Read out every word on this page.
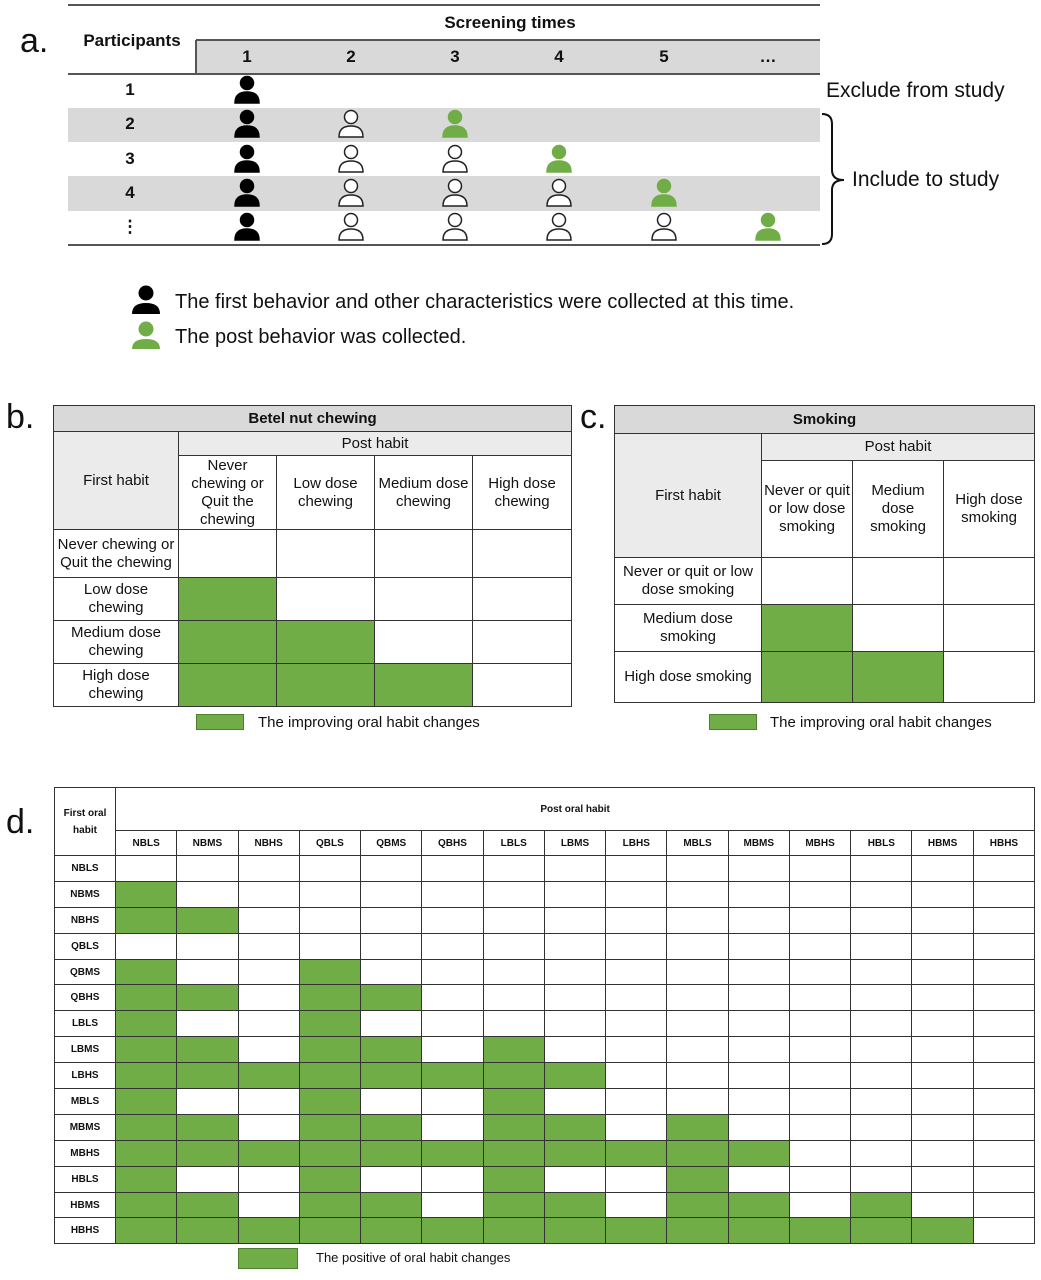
a.	Screening times
Participants
1	2	3	4	5	…
1
2
3
4
⋮
Exclude from study
Include to study
The first behavior and other characteristics were collected at this time.
The post behavior was collected.
b.	Betel nut chewing				
First habit	Post habit			
	Never chewing or Quit the chewing	Low dose chewing	Medium dose chewing	High dose chewing
Never chewing or Quit the chewing				
Low dose chewing				
Medium dose chewing				
High dose chewing				
The improving oral habit changes
c.	Smoking			
First habit	Post habit		
	Never or quit or low dose smoking	Medium dose smoking	High dose smoking
Never or quit or low dose smoking			
Medium dose smoking			
High dose smoking			
The improving oral habit changes
d.	First oral habit	Post oral habit														
	NBLS	NBMS	NBHS	QBLS	QBMS	QBHS	LBLS	LBMS	LBHS	MBLS	MBMS	MBHS	HBLS	HBMS	HBHS
NBLS															
NBMS															
NBHS															
QBLS															
QBMS															
QBHS															
LBLS															
LBMS															
LBHS															
MBLS															
MBMS															
MBHS															
HBLS															
HBMS															
HBHS															
The positive of oral habit changes
